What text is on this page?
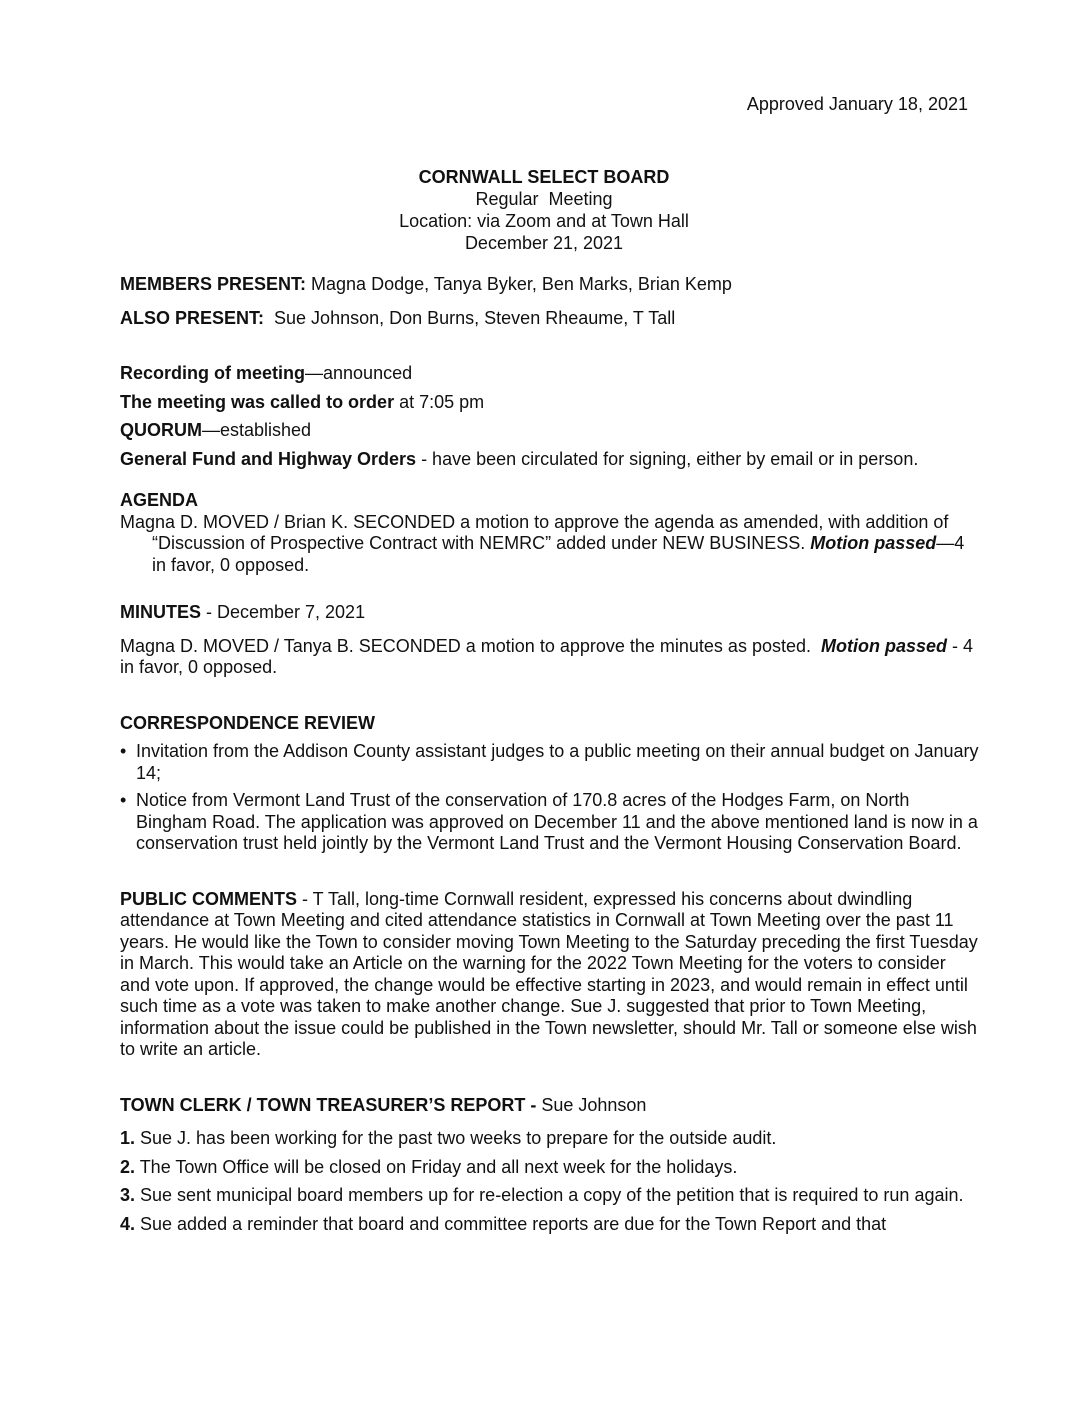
Approved January 18, 2021
CORNWALL SELECT BOARD
Regular  Meeting
Location: via Zoom and at Town Hall
December 21, 2021

MEMBERS PRESENT: Magna Dodge, Tanya Byker, Ben Marks, Brian Kemp

ALSO PRESENT:  Sue Johnson, Don Burns, Steven Rheaume, T Tall

Recording of meeting—announced

The meeting was called to order at 7:05 pm

QUORUM—established

General Fund and Highway Orders - have been circulated for signing, either by email or in person.

AGENDA

Magna D. MOVED / Brian K. SECONDED a motion to approve the agenda as amended, with addition of “Discussion of Prospective Contract with NEMRC” added under NEW BUSINESS. Motion passed—4 in favor, 0 opposed.

MINUTES - December 7, 2021

Magna D. MOVED / Tanya B. SECONDED a motion to approve the minutes as posted.  Motion passed - 4 in favor, 0 opposed.

CORRESPONDENCE REVIEW

• Invitation from the Addison County assistant judges to a public meeting on their annual budget on January 14;
• Notice from Vermont Land Trust of the conservation of 170.8 acres of the Hodges Farm, on North Bingham Road. The application was approved on December 11 and the above mentioned land is now in a conservation trust held jointly by the Vermont Land Trust and the Vermont Housing Conservation Board.

PUBLIC COMMENTS - T Tall, long-time Cornwall resident, expressed his concerns about dwindling attendance at Town Meeting and cited attendance statistics in Cornwall at Town Meeting over the past 11 years. He would like the Town to consider moving Town Meeting to the Saturday preceding the first Tuesday in March. This would take an Article on the warning for the 2022 Town Meeting for the voters to consider and vote upon. If approved, the change would be effective starting in 2023, and would remain in effect until such time as a vote was taken to make another change. Sue J. suggested that prior to Town Meeting, information about the issue could be published in the Town newsletter, should Mr. Tall or someone else wish to write an article.

TOWN CLERK / TOWN TREASURER’S REPORT - Sue Johnson

1. Sue J. has been working for the past two weeks to prepare for the outside audit.
2. The Town Office will be closed on Friday and all next week for the holidays.
3. Sue sent municipal board members up for re-election a copy of the petition that is required to run again.
4. Sue added a reminder that board and committee reports are due for the Town Report and that
